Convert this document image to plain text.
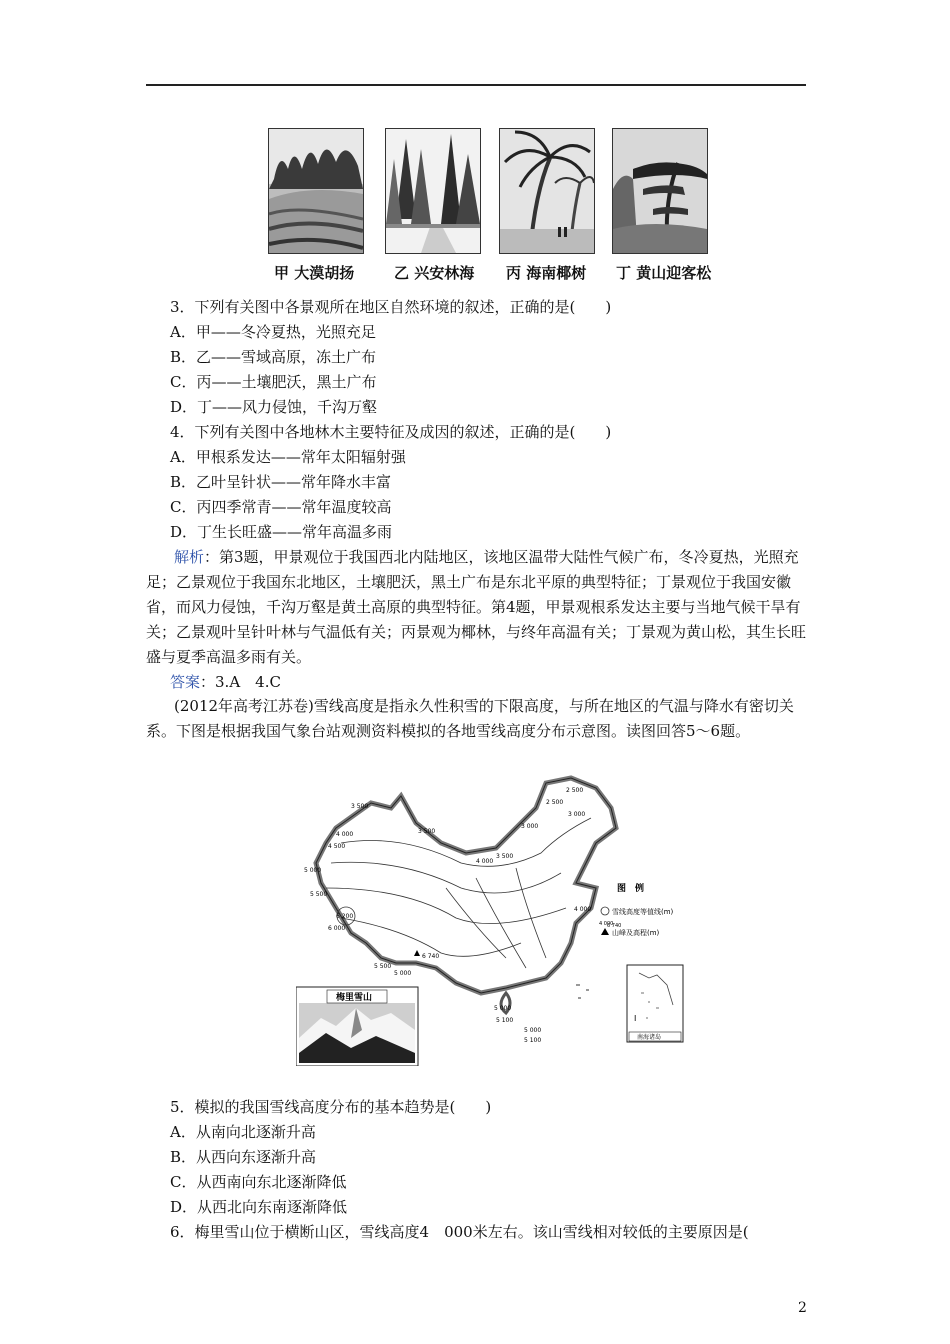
甲 大漠胡扬	乙 兴安林海 丙 海南椰树 丁 黄山迎客松
3．下列有关图中各景观所在地区自然环境的叙述，正确的是(　　)
A．甲——冬冷夏热，光照充足
B．乙——雪域高原，冻土广布
C．丙——土壤肥沃，黑土广布
D．丁——风力侵蚀，千沟万壑
4．下列有关图中各地林木主要特征及成因的叙述，正确的是(　　)
A．甲根系发达——常年太阳辐射强
B．乙叶呈针状——常年降水丰富
C．丙四季常青——常年温度较高
D．丁生长旺盛——常年高温多雨
解析：第3题，甲景观位于我国西北内陆地区，该地区温带大陆性气候广布，冬冷夏热，光照充足；乙景观位于我国东北地区，土壤肥沃，黑土广布是东北平原的典型特征；丁景观位于我国安徽省，而风力侵蚀，千沟万壑是黄土高原的典型特征。第4题，甲景观根系发达主要与当地气候干旱有关；乙景观叶呈针叶林与气温低有关；丙景观为椰林，与终年高温有关；丁景观为黄山松，其生长旺盛与夏季高温多雨有关。
答案：3.A　4.C
(2012年高考江苏卷)雪线高度是指永久性积雪的下限高度，与所在地区的气温与降水有密切关系。下图是根据我国气象台站观测资料模拟的各地雪线高度分布示意图。读图回答5～6题。
2 500
2 500
3 000
3 000
3 500
3 500
4 000
4 500
5 000
5 500
6 200
6 000
5 500
5 000
6 740
4 000
3 500
4 000
5 000
5 100
5 000
5 100
4 000
图　例
雪线高度等值线(m)
6 740
山峰及高程(m)
I
南海诸岛
梅里雪山
5．模拟的我国雪线高度分布的基本趋势是(　　)
A．从南向北逐渐升高
B．从西向东逐渐升高
C．从西南向东北逐渐降低
D．从西北向东南逐渐降低
6．梅里雪山位于横断山区，雪线高度4　000米左右。该山雪线相对较低的主要原因是(
2
